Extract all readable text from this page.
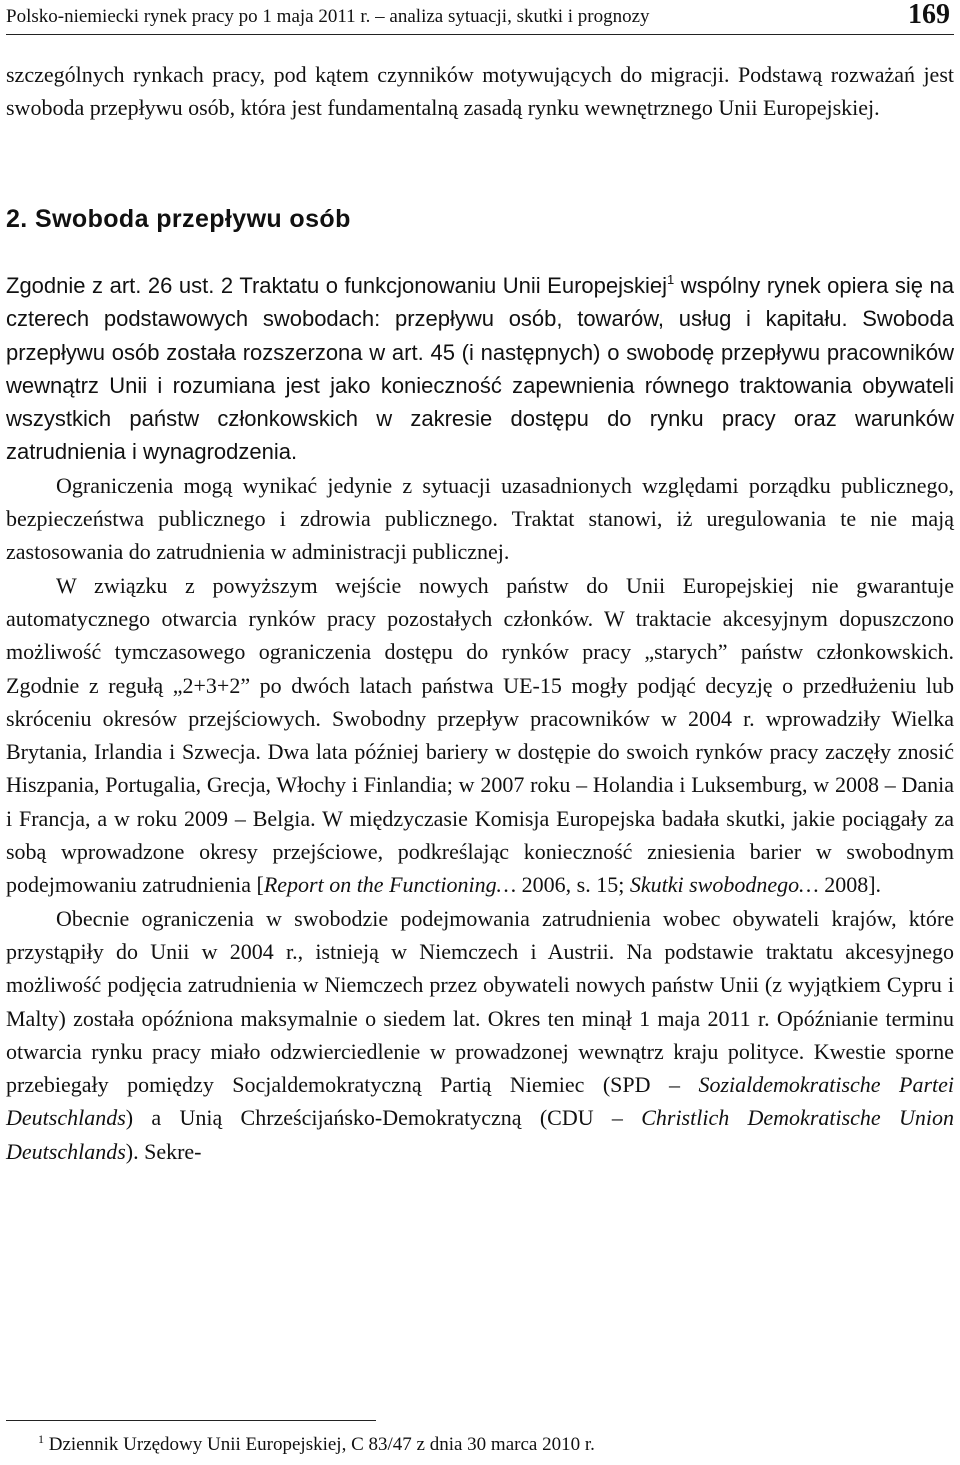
Polsko-niemiecki rynek pracy po 1 maja 2011 r. – analiza sytuacji, skutki i prognozy	169

szczególnych rynkach pracy, pod kątem czynników motywujących do migracji. Podstawą rozważań jest swoboda przepływu osób, która jest fundamentalną zasadą rynku wewnętrznego Unii Europejskiej.

2. Swoboda przepływu osób

Zgodnie z art. 26 ust. 2 Traktatu o funkcjonowaniu Unii Europejskiej$^1$ wspólny rynek opiera się na czterech podstawowych swobodach: przepływu osób, towarów, usług i kapitału. Swoboda przepływu osób została rozszerzona w art. 45 (i następnych) o swobodę przepływu pracowników wewnątrz Unii i rozumiana jest jako konieczność zapewnienia równego traktowania obywateli wszystkich państw członkowskich w zakresie dostępu do rynku pracy oraz warunków zatrudnienia i wynagrodzenia.

Ograniczenia mogą wynikać jedynie z sytuacji uzasadnionych względami porządku publicznego, bezpieczeństwa publicznego i zdrowia publicznego. Traktat stanowi, iż uregulowania te nie mają zastosowania do zatrudnienia w administracji publicznej.

W związku z powyższym wejście nowych państw do Unii Europejskiej nie gwarantuje automatycznego otwarcia rynków pracy pozostałych członków. W traktacie akcesyjnym dopuszczono możliwość tymczasowego ograniczenia dostępu do rynków pracy „starych” państw członkowskich. Zgodnie z regułą „2+3+2” po dwóch latach państwa UE-15 mogły podjąć decyzję o przedłużeniu lub skróceniu okresów przejściowych. Swobodny przepływ pracowników w 2004 r. wprowadziły Wielka Brytania, Irlandia i Szwecja. Dwa lata później bariery w dostępie do swoich rynków pracy zaczęły znosić Hiszpania, Portugalia, Grecja, Włochy i Finlandia; w 2007 roku – Holandia i Luksemburg, w 2008 – Dania i Francja, a w roku 2009 – Belgia. W międzyczasie Komisja Europejska badała skutki, jakie pociągały za sobą wprowadzone okresy przejściowe, podkreślając konieczność zniesienia barier w swobodnym podejmowaniu zatrudnienia [Report on the Functioning… 2006, s. 15; Skutki swobodnego… 2008].

Obecnie ograniczenia w swobodzie podejmowania zatrudnienia wobec obywateli krajów, które przystąpiły do Unii w 2004 r., istnieją w Niemczech i Austrii. Na podstawie traktatu akcesyjnego możliwość podjęcia zatrudnienia w Niemczech przez obywateli nowych państw Unii (z wyjątkiem Cypru i Malty) została opóźniona maksymalnie o siedem lat. Okres ten minął 1 maja 2011 r. Opóźnianie terminu otwarcia rynku pracy miało odzwierciedlenie w prowadzonej wewnątrz kraju polityce. Kwestie sporne przebiegały pomiędzy Socjaldemokratyczną Partią Niemiec (SPD – Sozialdemokratische Partei Deutschlands) a Unią Chrześcijańsko-Demokratyczną (CDU – Christlich Demokratische Union Deutschlands). Sekre-

$^1$ Dziennik Urzędowy Unii Europejskiej, C 83/47 z dnia 30 marca 2010 r.
